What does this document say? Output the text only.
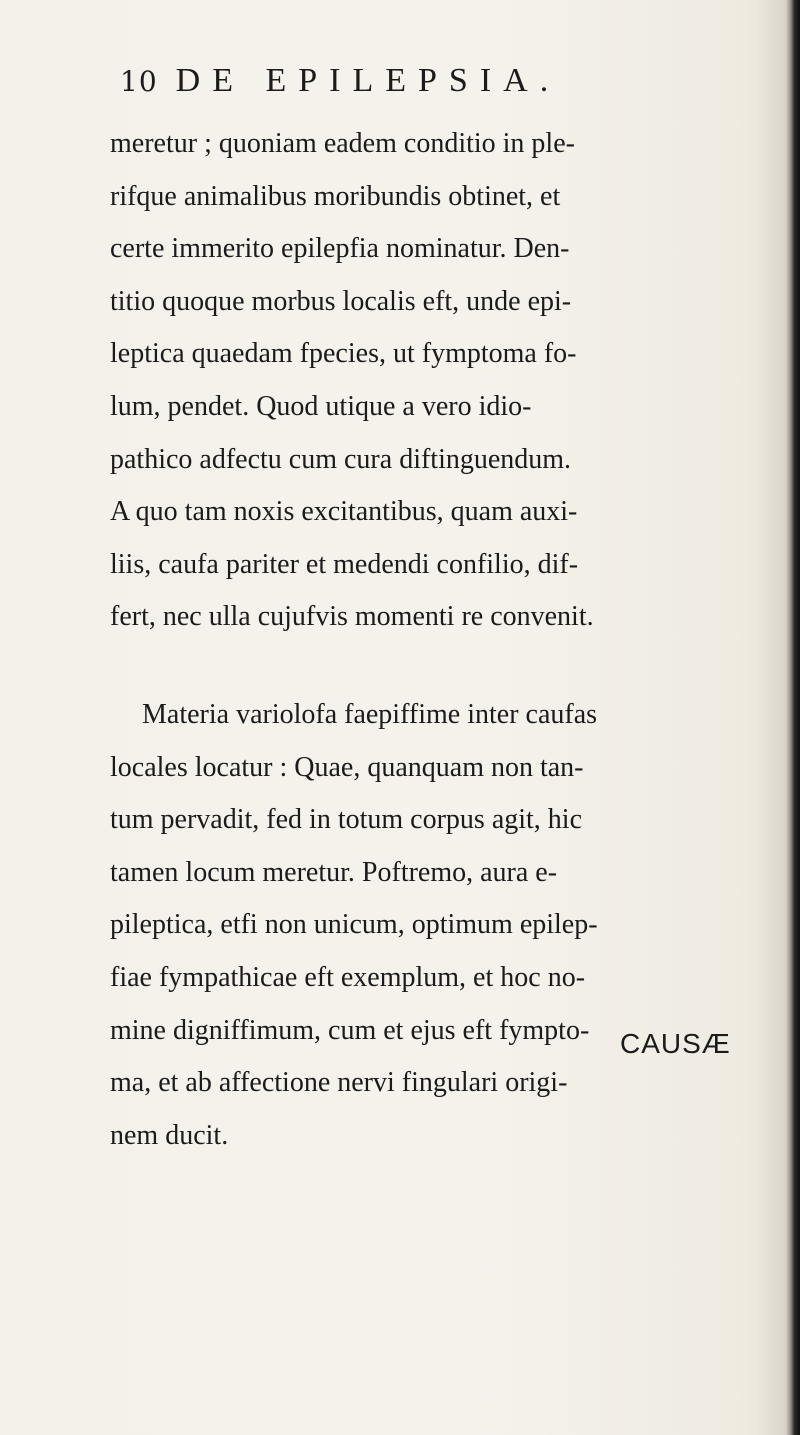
10 DE EPILEPSIA.
meretur ; quoniam eadem conditio in ple-
rifque animalibus moribundis obtinet, et
certe immerito epilepfia nominatur. Den-
titio quoque morbus localis eft, unde epi-
leptica quaedam fpecies, ut fymptoma fo-
lum, pendet. Quod utique a vero idio-
pathico adfectu cum cura diftinguendum.
A quo tam noxis excitantibus, quam auxi-
liis, caufa pariter et medendi confilio, dif-
fert, nec ulla cujufvis momenti re convenit.
Materia variolofa faepiffime inter caufas
locales locatur : Quae, quanquam non tan-
tum pervadit, fed in totum corpus agit, hic
tamen locum meretur. Poftremo, aura e-
pileptica, etfi non unicum, optimum epilep-
fiae fympathicae eft exemplum, et hoc no-
mine digniffimum, cum et ejus eft fympto-
ma, et ab affectione nervi fingulari origi-
nem ducit.
CAUSÆ
